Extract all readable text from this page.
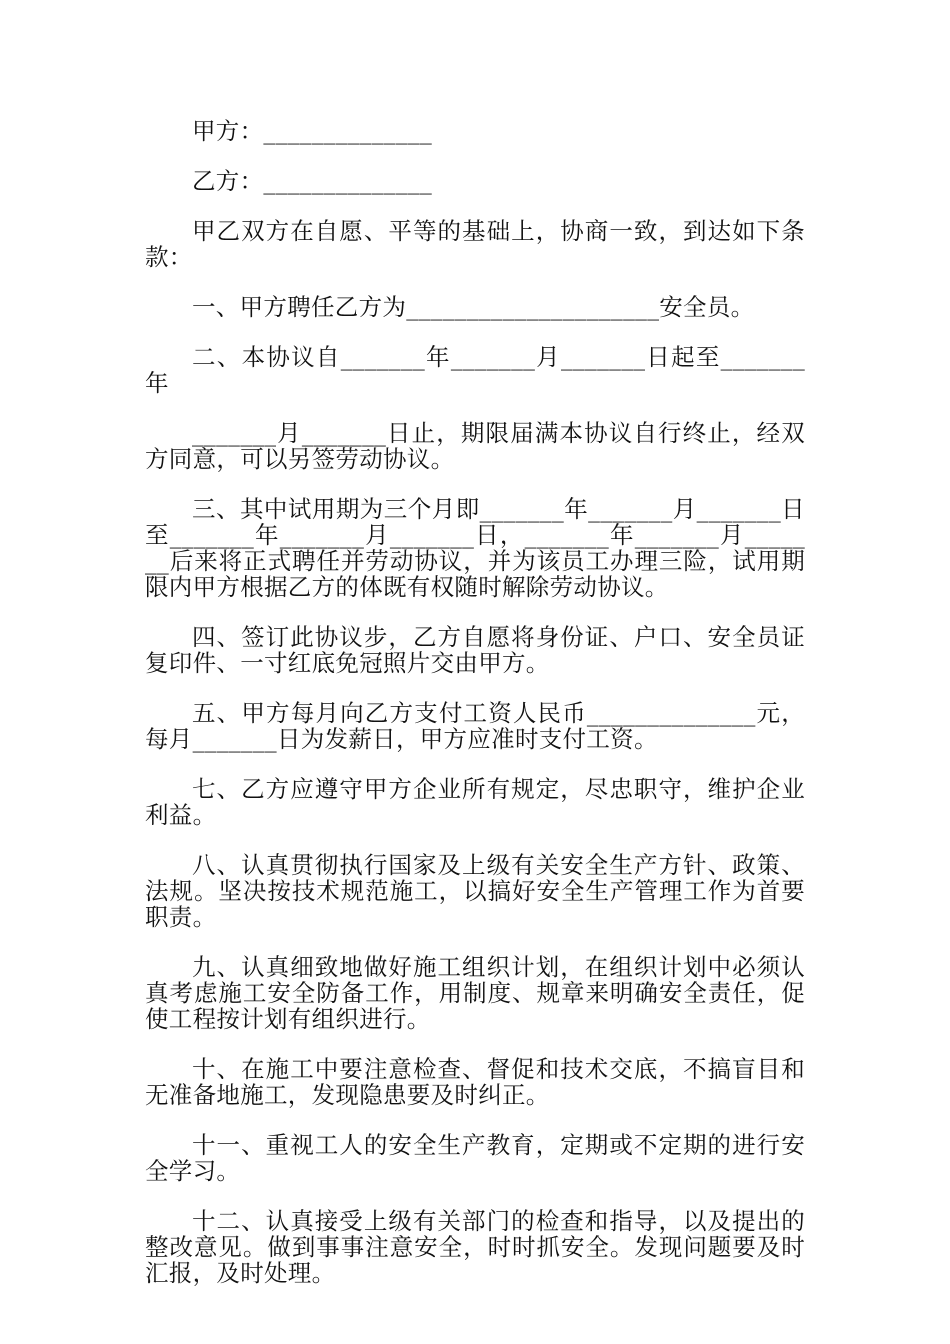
甲方：______________

乙方：______________

甲乙双方在自愿、平等的基础上，协商一致，到达如下条款：

一、甲方聘任乙方为_____________________安全员。

二、本协议自_______年_______月_______日起至_______年

_______月_______日止，期限届满本协议自行终止，经双方同意，可以另签劳动协议。

三、其中试用期为三个月即_______年_______月_______日至_______年_______月_______日，_______年_______月_______后来将正式聘任并劳动协议，并为该员工办理三险，试用期限内甲方根据乙方的体既有权随时解除劳动协议。

四、签订此协议步，乙方自愿将身份证、户口、安全员证复印件、一寸红底免冠照片交由甲方。

五、甲方每月向乙方支付工资人民币______________元，每月_______日为发薪日，甲方应准时支付工资。

七、乙方应遵守甲方企业所有规定，尽忠职守，维护企业利益。

八、认真贯彻执行国家及上级有关安全生产方针、政策、法规。坚决按技术规范施工，以搞好安全生产管理工作为首要职责。

九、认真细致地做好施工组织计划，在组织计划中必须认真考虑施工安全防备工作，用制度、规章来明确安全责任，促使工程按计划有组织进行。

十、在施工中要注意检查、督促和技术交底，不搞盲目和无准备地施工，发现隐患要及时纠正。

十一、重视工人的安全生产教育，定期或不定期的进行安全学习。

十二、认真接受上级有关部门的检查和指导，以及提出的整改意见。做到事事注意安全，时时抓安全。发现问题要及时汇报，及时处理。
